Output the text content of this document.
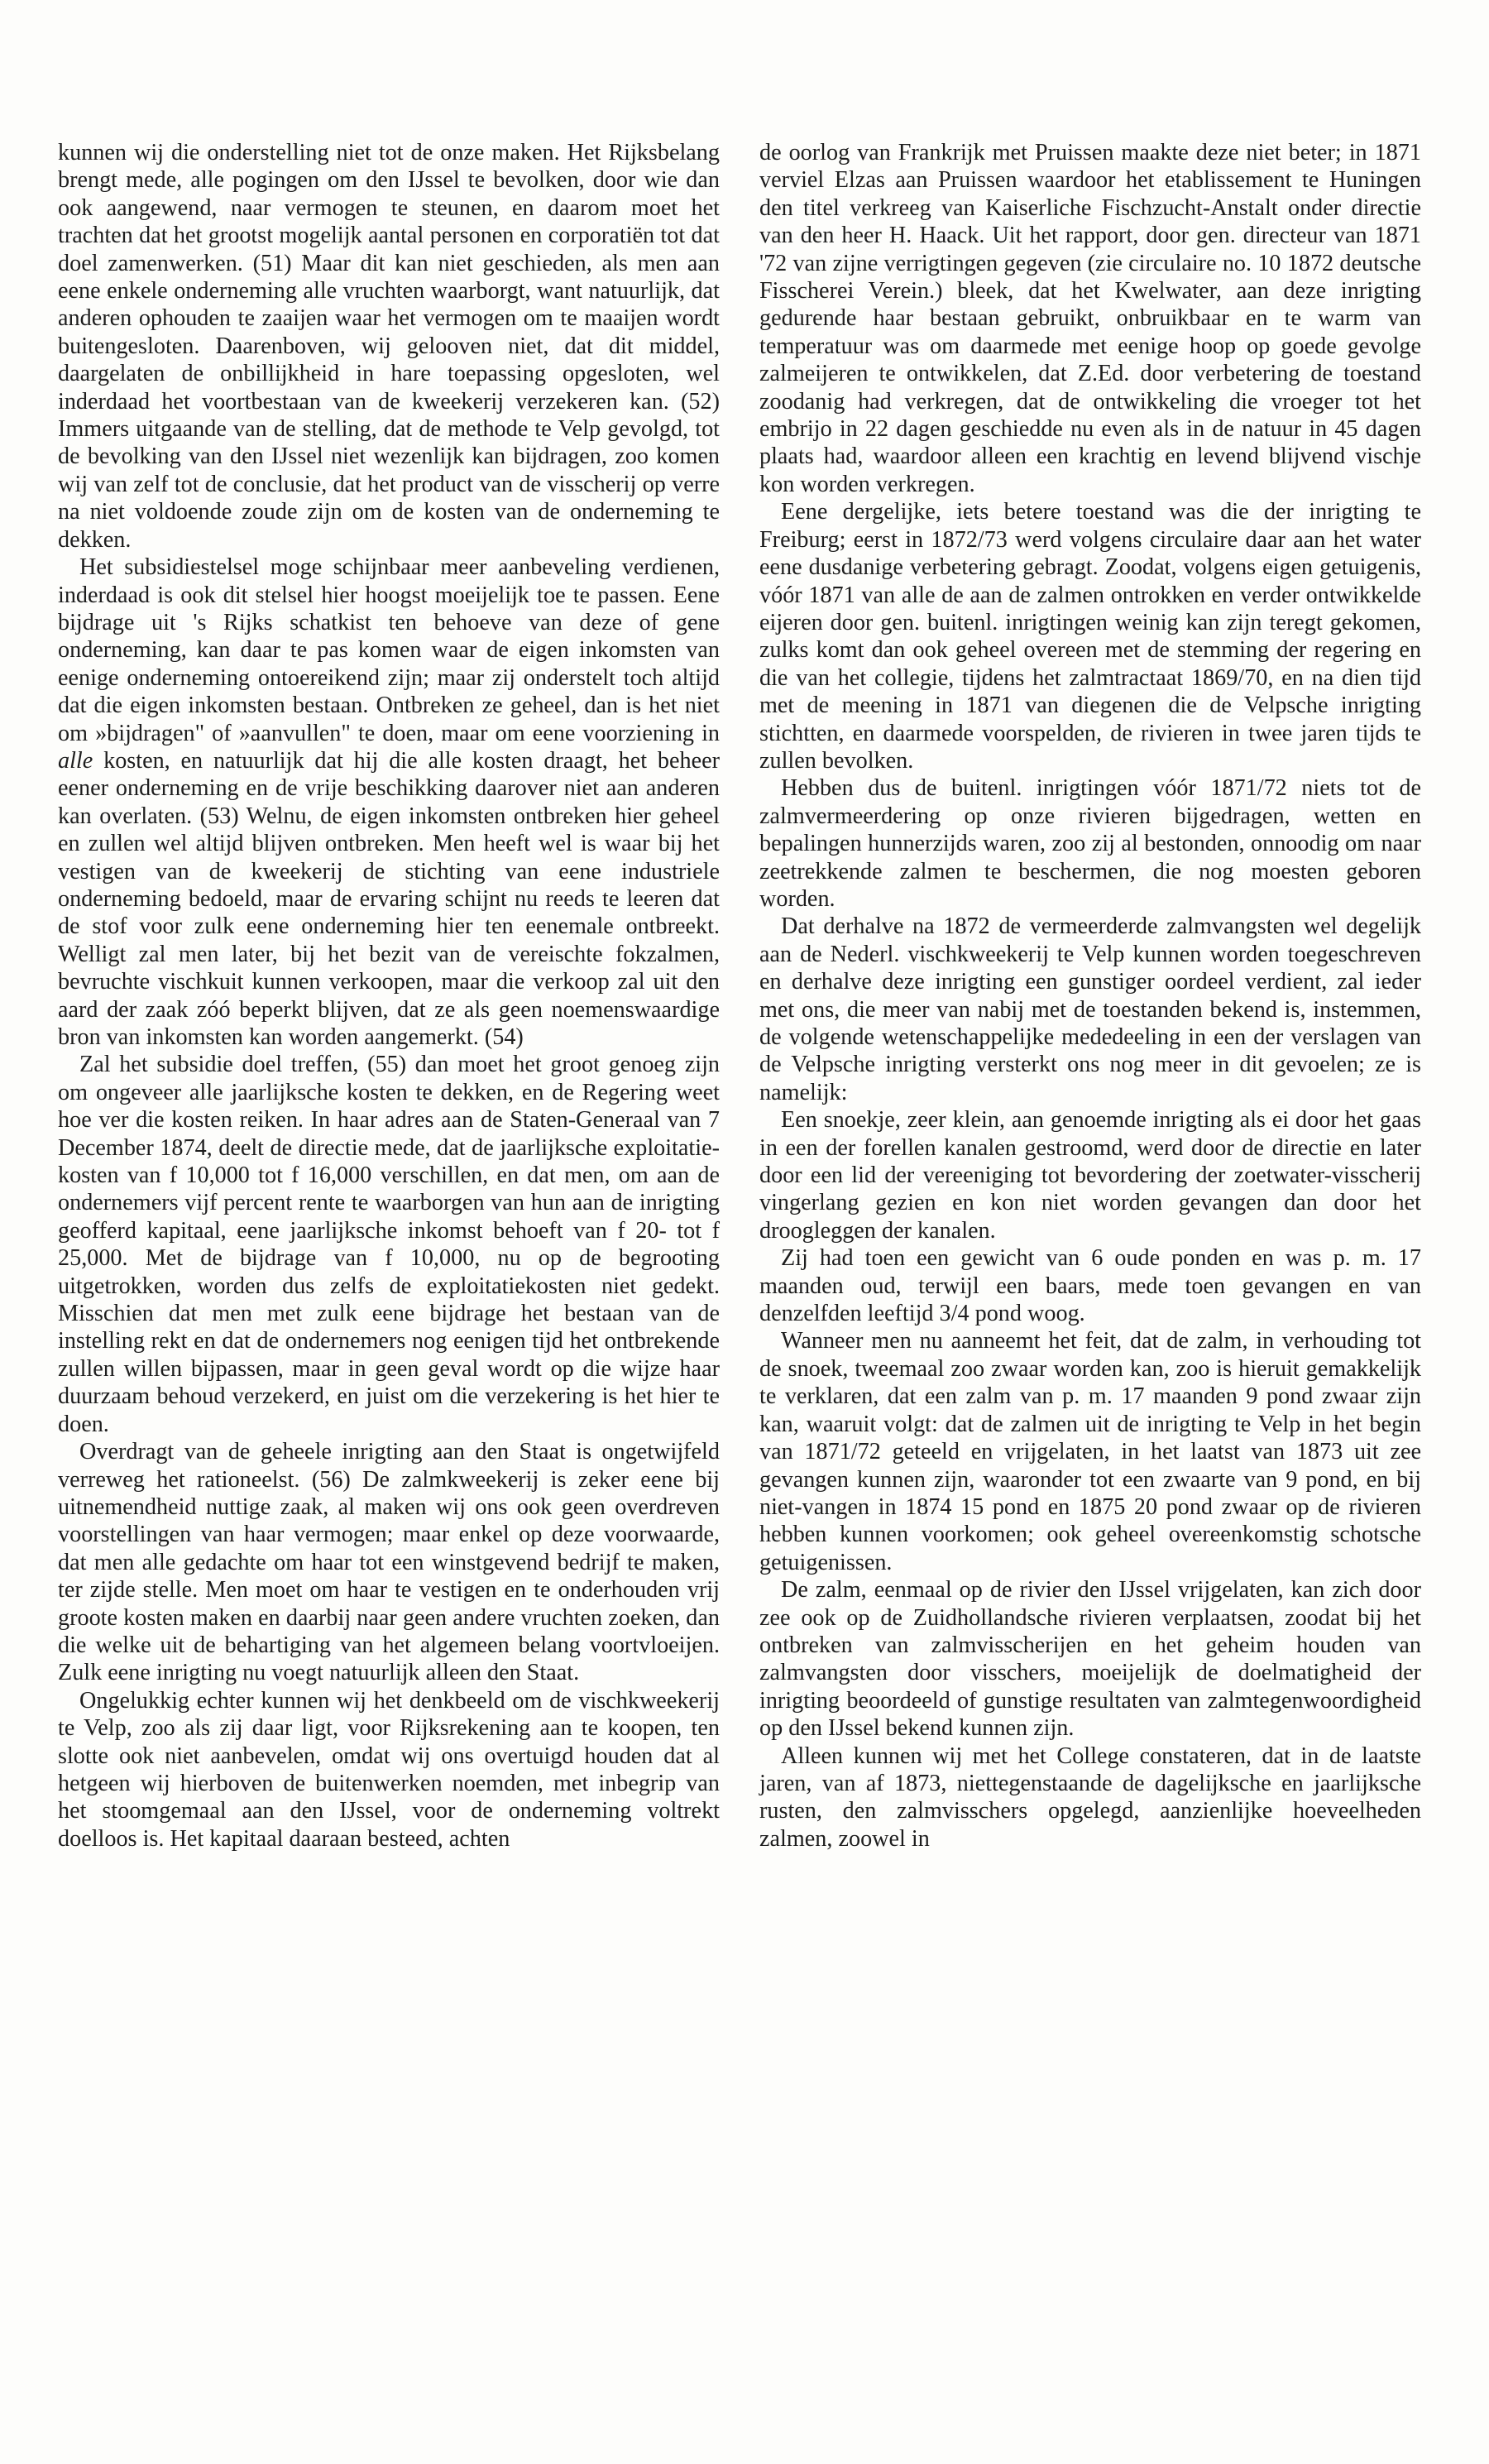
kunnen wij die onderstelling niet tot de onze maken. Het Rijksbelang brengt mede, alle pogingen om den IJssel te bevolken, door wie dan ook aangewend, naar vermogen te steunen, en daarom moet het trachten dat het grootst mogelijk aantal personen en corporatiën tot dat doel zamenwerken. (51) Maar dit kan niet geschieden, als men aan eene enkele onderneming alle vruchten waarborgt, want natuurlijk, dat anderen ophouden te zaaijen waar het vermogen om te maaijen wordt buitengesloten. Daarenboven, wij gelooven niet, dat dit middel, daargelaten de onbillijkheid in hare toepassing opgesloten, wel inderdaad het voortbestaan van de kweekerij verzekeren kan. (52) Immers uitgaande van de stelling, dat de methode te Velp gevolgd, tot de bevolking van den IJssel niet wezenlijk kan bijdragen, zoo komen wij van zelf tot de conclusie, dat het product van de visscherij op verre na niet voldoende zoude zijn om de kosten van de onderneming te dekken.

Het subsidiestelsel moge schijnbaar meer aanbeveling verdienen, inderdaad is ook dit stelsel hier hoogst moeijelijk toe te passen. Eene bijdrage uit 's Rijks schatkist ten behoeve van deze of gene onderneming, kan daar te pas komen waar de eigen inkomsten van eenige onderneming ontoereikend zijn; maar zij onderstelt toch altijd dat die eigen inkomsten bestaan. Ontbreken ze geheel, dan is het niet om »bijdragen" of »aanvullen" te doen, maar om eene voorziening in alle kosten, en natuurlijk dat hij die alle kosten draagt, het beheer eener onderneming en de vrije beschikking daarover niet aan anderen kan overlaten. (53) Welnu, de eigen inkomsten ontbreken hier geheel en zullen wel altijd blijven ontbreken. Men heeft wel is waar bij het vestigen van de kweekerij de stichting van eene industriele onderneming bedoeld, maar de ervaring schijnt nu reeds te leeren dat de stof voor zulk eene onderneming hier ten eenemale ontbreekt. Welligt zal men later, bij het bezit van de vereischte fokzalmen, bevruchte vischkuit kunnen verkoopen, maar die verkoop zal uit den aard der zaak zóó beperkt blijven, dat ze als geen noemenswaardige bron van inkomsten kan worden aangemerkt. (54)

Zal het subsidie doel treffen, (55) dan moet het groot genoeg zijn om ongeveer alle jaarlijksche kosten te dekken, en de Regering weet hoe ver die kosten reiken. In haar adres aan de Staten-Generaal van 7 December 1874, deelt de directie mede, dat de jaarlijksche exploitatie-kosten van f 10,000 tot f 16,000 verschillen, en dat men, om aan de ondernemers vijf percent rente te waarborgen van hun aan de inrigting geofferd kapitaal, eene jaarlijksche inkomst behoeft van f 20- tot f 25,000. Met de bijdrage van f 10,000, nu op de begrooting uitgetrokken, worden dus zelfs de exploitatiekosten niet gedekt. Misschien dat men met zulk eene bijdrage het bestaan van de instelling rekt en dat de ondernemers nog eenigen tijd het ontbrekende zullen willen bijpassen, maar in geen geval wordt op die wijze haar duurzaam behoud verzekerd, en juist om die verzekering is het hier te doen.

Overdragt van de geheele inrigting aan den Staat is ongetwijfeld verreweg het rationeelst. (56) De zalmkweekerij is zeker eene bij uitnemendheid nuttige zaak, al maken wij ons ook geen overdreven voorstellingen van haar vermogen; maar enkel op deze voorwaarde, dat men alle gedachte om haar tot een winstgevend bedrijf te maken, ter zijde stelle. Men moet om haar te vestigen en te onderhouden vrij groote kosten maken en daarbij naar geen andere vruchten zoeken, dan die welke uit de behartiging van het algemeen belang voortvloeijen. Zulk eene inrigting nu voegt natuurlijk alleen den Staat.

Ongelukkig echter kunnen wij het denkbeeld om de vischkweekerij te Velp, zoo als zij daar ligt, voor Rijksrekening aan te koopen, ten slotte ook niet aanbevelen, omdat wij ons overtuigd houden dat al hetgeen wij hierboven de buitenwerken noemden, met inbegrip van het stoomgemaal aan den IJssel, voor de onderneming voltrekt doelloos is. Het kapitaal daaraan besteed, achten

de oorlog van Frankrijk met Pruissen maakte deze niet beter; in 1871 verviel Elzas aan Pruissen waardoor het etablissement te Huningen den titel verkreeg van Kaiserliche Fischzucht-Anstalt onder directie van den heer H. Haack. Uit het rapport, door gen. directeur van 1871 '72 van zijne verrigtingen gegeven (zie circulaire no. 10 1872 deutsche Fisscherei Verein.) bleek, dat het Kwelwater, aan deze inrigting gedurende haar bestaan gebruikt, onbruikbaar en te warm van temperatuur was om daarmede met eenige hoop op goede gevolge zalmeijeren te ontwikkelen, dat Z.Ed. door verbetering de toestand zoodanig had verkregen, dat de ontwikkeling die vroeger tot het embrijo in 22 dagen geschiedde nu even als in de natuur in 45 dagen plaats had, waardoor alleen een krachtig en levend blijvend vischje kon worden verkregen.

Eene dergelijke, iets betere toestand was die der inrigting te Freiburg; eerst in 1872/73 werd volgens circulaire daar aan het water eene dusdanige verbetering gebragt. Zoodat, volgens eigen getuigenis, vóór 1871 van alle de aan de zalmen ontrokken en verder ontwikkelde eijeren door gen. buitenl. inrigtingen weinig kan zijn teregt gekomen, zulks komt dan ook geheel overeen met de stemming der regering en die van het collegie, tijdens het zalmtractaat 1869/70, en na dien tijd met de meening in 1871 van diegenen die de Velpsche inrigting stichtten, en daarmede voorspelden, de rivieren in twee jaren tijds te zullen bevolken.

Hebben dus de buitenl. inrigtingen vóór 1871/72 niets tot de zalmvermeerdering op onze rivieren bijgedragen, wetten en bepalingen hunnerzijds waren, zoo zij al bestonden, onnoodig om naar zeetrekkende zalmen te beschermen, die nog moesten geboren worden.

Dat derhalve na 1872 de vermeerderde zalmvangsten wel degelijk aan de Nederl. vischkweekerij te Velp kunnen worden toegeschreven en derhalve deze inrigting een gunstiger oordeel verdient, zal ieder met ons, die meer van nabij met de toestanden bekend is, instemmen, de volgende wetenschappelijke mededeeling in een der verslagen van de Velpsche inrigting versterkt ons nog meer in dit gevoelen; ze is namelijk:

Een snoekje, zeer klein, aan genoemde inrigting als ei door het gaas in een der forellen kanalen gestroomd, werd door de directie en later door een lid der vereeniging tot bevordering der zoetwater-visscherij vingerlang gezien en kon niet worden gevangen dan door het droogleggen der kanalen.

Zij had toen een gewicht van 6 oude ponden en was p. m. 17 maanden oud, terwijl een baars, mede toen gevangen en van denzelfden leeftijd 3/4 pond woog.

Wanneer men nu aanneemt het feit, dat de zalm, in verhouding tot de snoek, tweemaal zoo zwaar worden kan, zoo is hieruit gemakkelijk te verklaren, dat een zalm van p. m. 17 maanden 9 pond zwaar zijn kan, waaruit volgt: dat de zalmen uit de inrigting te Velp in het begin van 1871/72 geteeld en vrijgelaten, in het laatst van 1873 uit zee gevangen kunnen zijn, waaronder tot een zwaarte van 9 pond, en bij niet-vangen in 1874 15 pond en 1875 20 pond zwaar op de rivieren hebben kunnen voorkomen; ook geheel overeenkomstig schotsche getuigenissen.

De zalm, eenmaal op de rivier den IJssel vrijgelaten, kan zich door zee ook op de Zuidhollandsche rivieren verplaatsen, zoodat bij het ontbreken van zalmvisscherijen en het geheim houden van zalmvangsten door visschers, moeijelijk de doelmatigheid der inrigting beoordeeld of gunstige resultaten van zalmtegenwoordigheid op den IJssel bekend kunnen zijn.

Alleen kunnen wij met het College constateren, dat in de laatste jaren, van af 1873, niettegenstaande de dagelijksche en jaarlijksche rusten, den zalmvisschers opgelegd, aanzienlijke hoeveelheden zalmen, zoowel in
